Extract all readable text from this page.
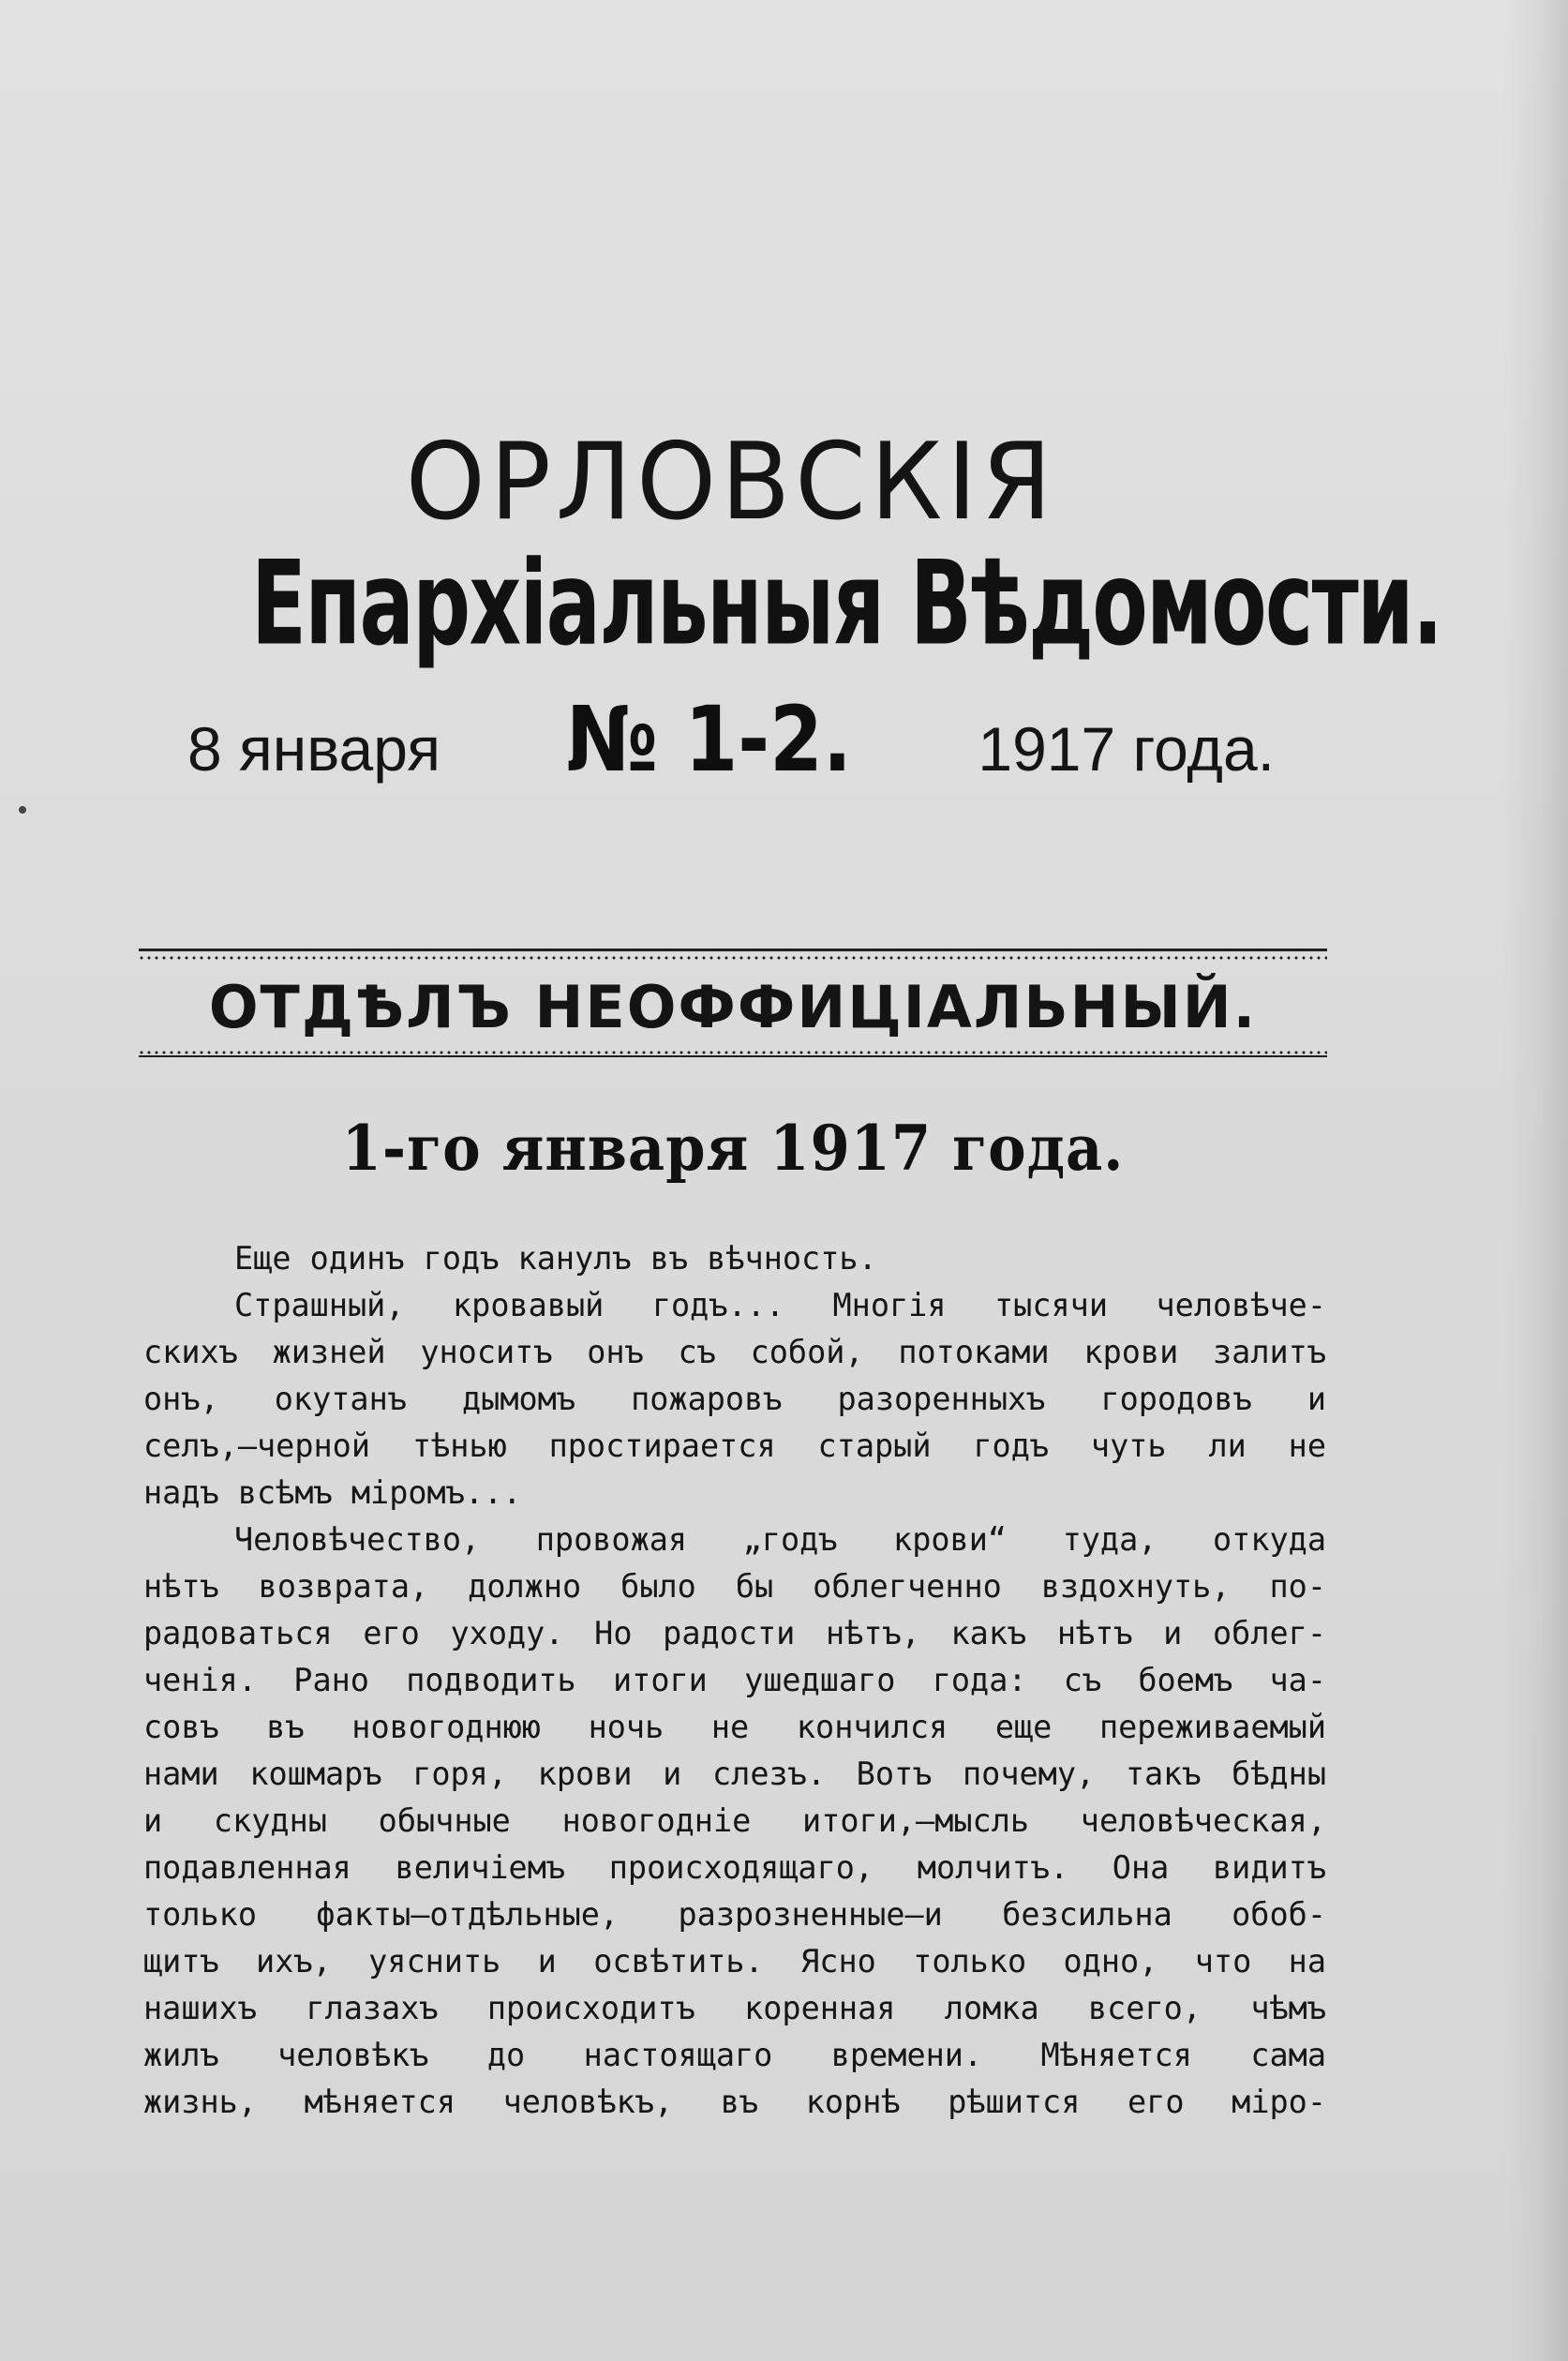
ОРЛОВСКІЯ
Епархіальныя Вѣдомости.
8 января № 1-2. 1917 года.
ОТДѢЛЪ НЕОФФИЦІАЛЬНЫЙ.
1-го января 1917 года.
Еще одинъ годъ канулъ въ вѣчность.
Страшный, кровавый годъ... Многія тысячи человѣче-
скихъ жизней уноситъ онъ съ собой, потоками крови залитъ
онъ, окутанъ дымомъ пожаровъ разоренныхъ городовъ и
селъ,—черной тѣнью простирается старый годъ чуть ли не
надъ всѣмъ міромъ...
Человѣчество, провожая „годъ крови“ туда, откуда
нѣтъ возврата, должно было бы облегченно вздохнуть, по-
радоваться его уходу. Но радости нѣтъ, какъ нѣтъ и облег-
ченія. Рано подводить итоги ушедшаго года: съ боемъ ча-
совъ въ новогоднюю ночь не кончился еще переживаемый
нами кошмаръ горя, крови и слезъ. Вотъ почему, такъ бѣдны
и скудны обычные новогодніе итоги,—мысль человѣческая,
подавленная величіемъ происходящаго, молчитъ. Она видитъ
только факты—отдѣльные, разрозненные—и безсильна обоб-
щитъ ихъ, уяснить и освѣтить. Ясно только одно, что на
нашихъ глазахъ происходитъ коренная ломка всего, чѣмъ
жилъ человѣкъ до настоящаго времени. Мѣняется сама
жизнь, мѣняется человѣкъ, въ корнѣ рѣшится его міро-
